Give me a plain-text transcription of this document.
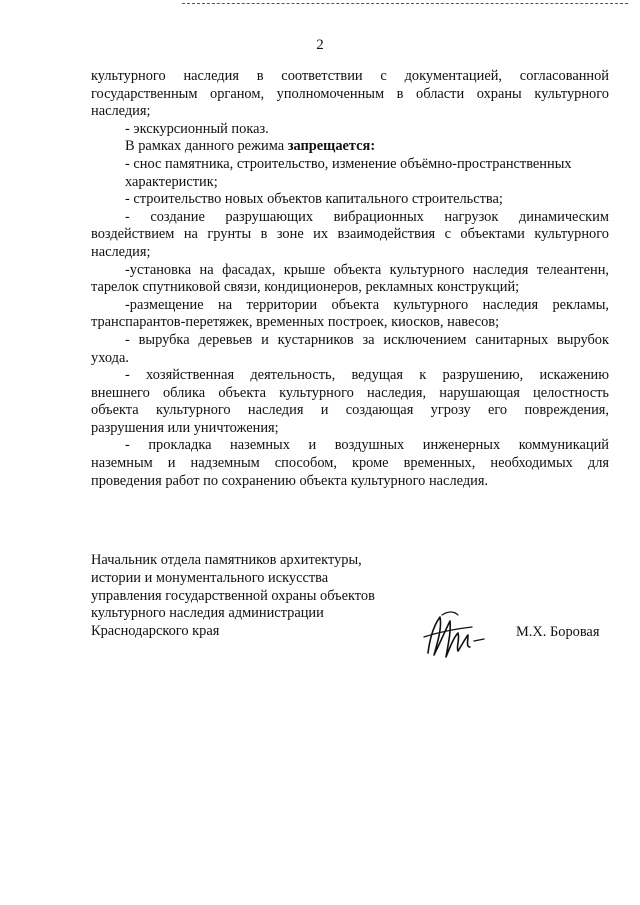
2

культурного наследия в соответствии с документацией, согласованной

государственным органом, уполномоченным в области охраны культурного

наследия;

- экскурсионный показ.

В рамках данного режима запрещается:

- снос памятника, строительство, изменение объёмно-пространственных

характеристик;

- строительство новых объектов капитального строительства;

- создание разрушающих вибрационных нагрузок динамическим

воздействием на грунты в зоне их взаимодействия с объектами культурного

наследия;

-установка на фасадах, крыше объекта культурного наследия телеантенн,

тарелок спутниковой связи, кондиционеров, рекламных конструкций;

-размещение на территории объекта культурного наследия рекламы,

транспарантов-перетяжек, временных построек, киосков, навесов;

- вырубка деревьев и кустарников за исключением санитарных вырубок

ухода.

- хозяйственная деятельность, ведущая к разрушению, искажению

внешнего облика объекта культурного наследия, нарушающая целостность

объекта культурного наследия и создающая угрозу его повреждения,

разрушения или уничтожения;

- прокладка наземных и воздушных инженерных коммуникаций

наземным и надземным способом, кроме временных, необходимых для

проведения работ по сохранению объекта культурного наследия.

Начальник отдела памятников архитектуры,

истории и монументального искусства

управления государственной охраны объектов

культурного наследия администрации

Краснодарского края	М.Х. Боровая
